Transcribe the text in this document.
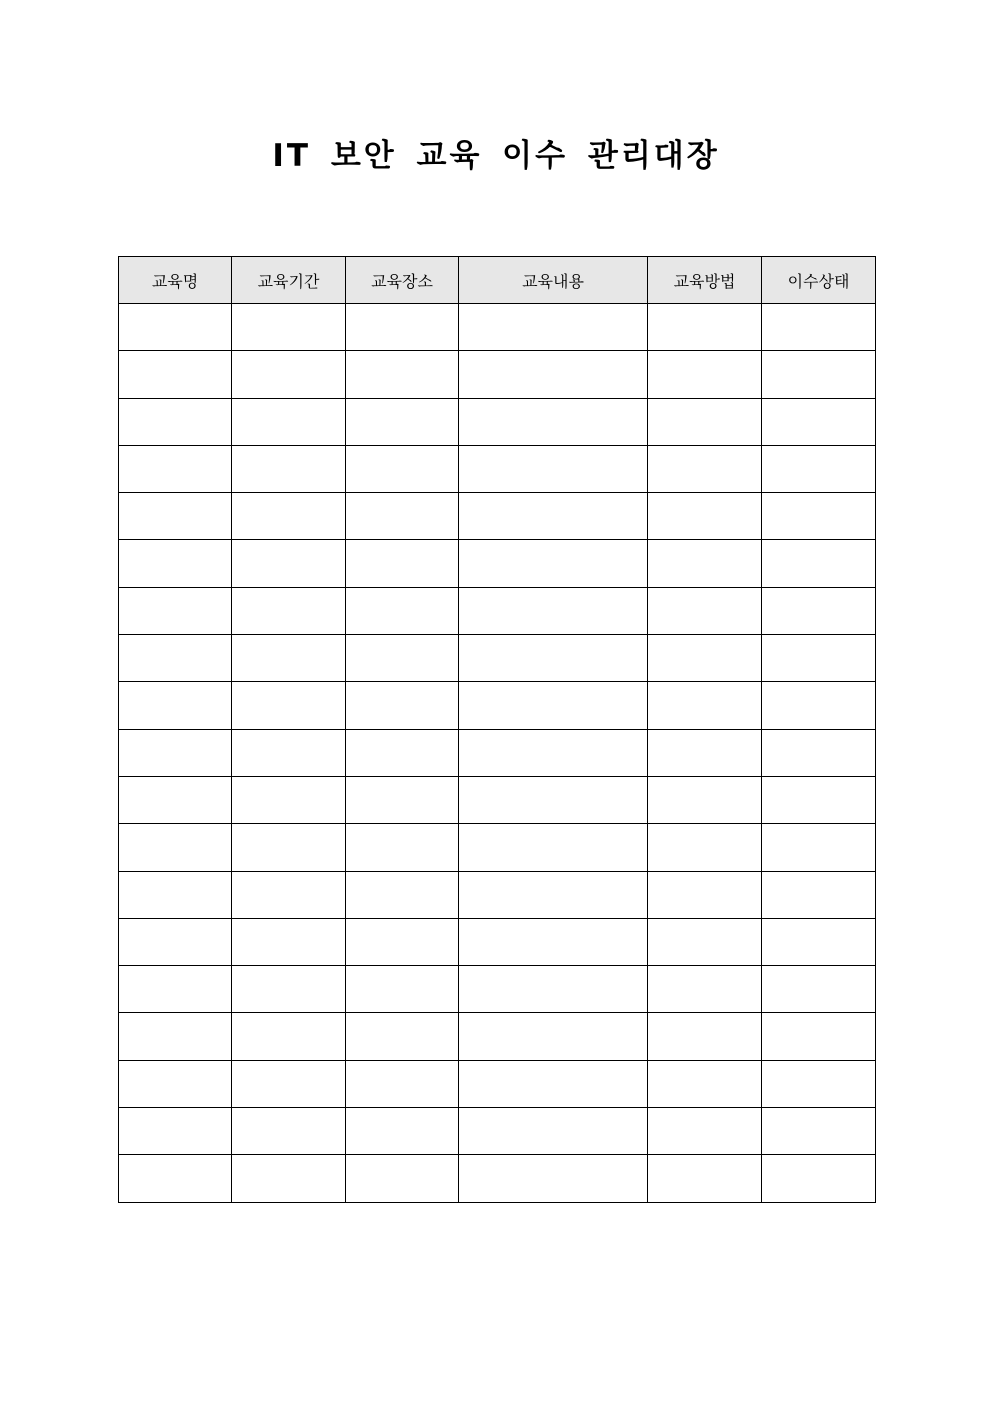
IT 보안 교육 이수 관리대장
교육명	교육기간	교육장소	교육내용	교육방법	이수상태
